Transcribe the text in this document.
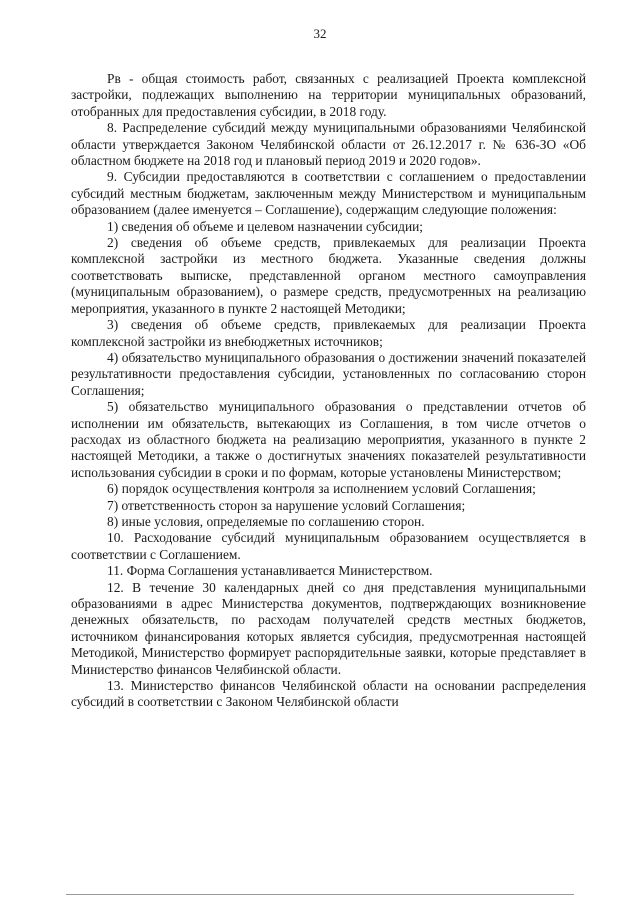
32

Рв - общая стоимость работ, связанных с реализацией Проекта комплексной застройки, подлежащих выполнению на территории муниципальных образований, отобранных для предоставления субсидии, в 2018 году.

8. Распределение субсидий между муниципальными образованиями Челябинской области утверждается Законом Челябинской области от 26.12.2017 г. № 636-ЗО «Об областном бюджете на 2018 год и плановый период 2019 и 2020 годов».

9. Субсидии предоставляются в соответствии с соглашением о предоставлении субсидий местным бюджетам, заключенным между Министерством и муниципальным образованием (далее именуется – Соглашение), содержащим следующие положения:

1) сведения об объеме и целевом назначении субсидии;

2) сведения об объеме средств, привлекаемых для реализации Проекта комплексной застройки из местного бюджета. Указанные сведения должны соответствовать выписке, представленной органом местного самоуправления (муниципальным образованием), о размере средств, предусмотренных на реализацию мероприятия, указанного в пункте 2 настоящей Методики;

3) сведения об объеме средств, привлекаемых для реализации Проекта комплексной застройки из внебюджетных источников;

4) обязательство муниципального образования о достижении значений показателей результативности предоставления субсидии, установленных по согласованию сторон Соглашения;

5) обязательство муниципального образования о представлении отчетов об исполнении им обязательств, вытекающих из Соглашения, в том числе отчетов о расходах из областного бюджета на реализацию мероприятия, указанного в пункте 2 настоящей Методики, а также о достигнутых значениях показателей результативности использования субсидии в сроки и по формам, которые установлены Министерством;

6) порядок осуществления контроля за исполнением условий Соглашения;

7) ответственность сторон за нарушение условий Соглашения;

8) иные условия, определяемые по соглашению сторон.

10. Расходование субсидий муниципальным образованием осуществляется в соответствии с Соглашением.

11. Форма Соглашения устанавливается Министерством.

12. В течение 30 календарных дней со дня представления муниципальными образованиями в адрес Министерства документов, подтверждающих возникновение денежных обязательств, по расходам получателей средств местных бюджетов, источником финансирования которых является субсидия, предусмотренная настоящей Методикой, Министерство формирует распорядительные заявки, которые представляет в Министерство финансов Челябинской области.

13. Министерство финансов Челябинской области на основании распределения субсидий в соответствии с Законом Челябинской области
